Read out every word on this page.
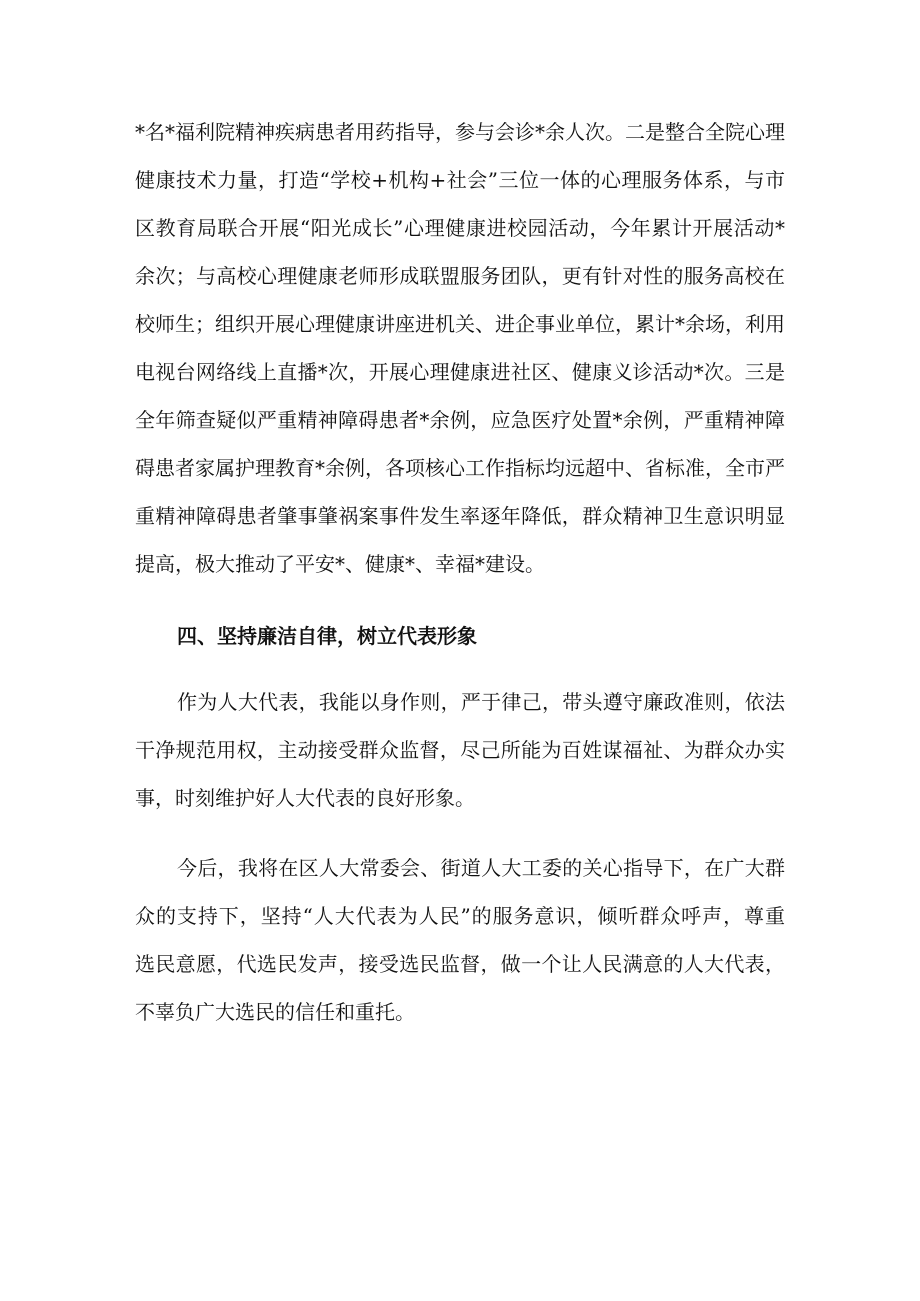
*名*福利院精神疾病患者用药指导，参与会诊*余人次。二是整合全院心理
健康技术力量，打造“学校+机构+社会”三位一体的心理服务体系，与市
区教育局联合开展“阳光成长”心理健康进校园活动，今年累计开展活动*
余次；与高校心理健康老师形成联盟服务团队，更有针对性的服务高校在
校师生；组织开展心理健康讲座进机关、进企事业单位，累计*余场，利用
电视台网络线上直播*次，开展心理健康进社区、健康义诊活动*次。三是
全年筛查疑似严重精神障碍患者*余例，应急医疗处置*余例，严重精神障
碍患者家属护理教育*余例，各项核心工作指标均远超中、省标准，全市严
重精神障碍患者肇事肇祸案事件发生率逐年降低，群众精神卫生意识明显
提高，极大推动了平安*、健康*、幸福*建设。
四、坚持廉洁自律，树立代表形象
作为人大代表，我能以身作则，严于律己，带头遵守廉政准则，依法
干净规范用权，主动接受群众监督，尽己所能为百姓谋福祉、为群众办实
事，时刻维护好人大代表的良好形象。
今后，我将在区人大常委会、街道人大工委的关心指导下，在广大群
众的支持下，坚持“人大代表为人民”的服务意识，倾听群众呼声，尊重
选民意愿，代选民发声，接受选民监督，做一个让人民满意的人大代表，
不辜负广大选民的信任和重托。
